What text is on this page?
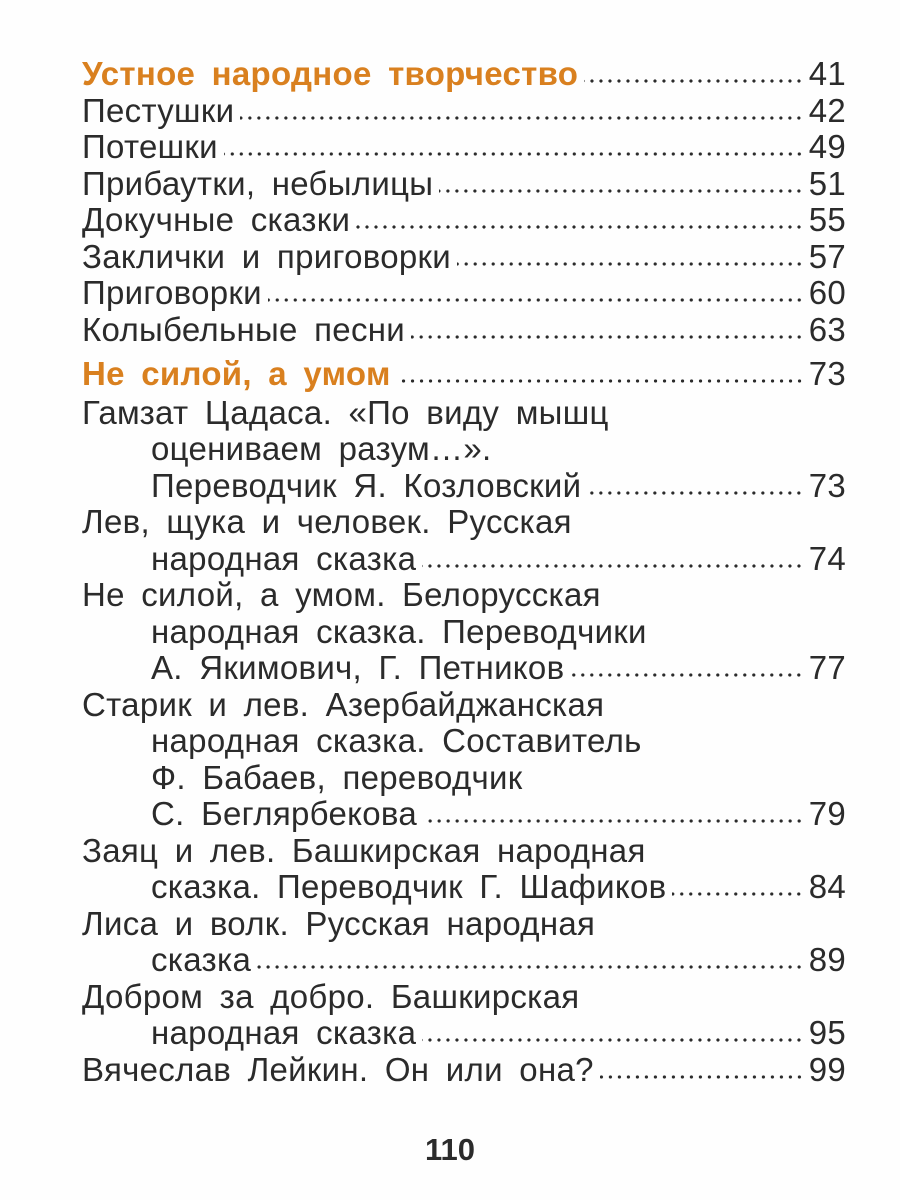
Устное народное творчество	41
Пестушки	42
Потешки	49
Прибаутки, небылицы	51
Докучные сказки	55
Заклички и приговорки	57
Приговорки	60
Колыбельные песни	63
Не силой, а умом	73
Гамзат Цадаса. «По виду мышц
оцениваем разум…».
Переводчик Я. Козловский	73
Лев, щука и человек. Русская
народная сказка	74
Не силой, а умом. Белорусская
народная сказка. Переводчики
А. Якимович, Г. Петников	77
Старик и лев. Азербайджанская
народная сказка. Составитель
Ф. Бабаев, переводчик
С. Беглярбекова	79
Заяц и лев. Башкирская народная
сказка. Переводчик Г. Шафиков	84
Лиса и волк. Русская народная
сказка	89
Добром за добро. Башкирская
народная сказка	95
Вячеслав Лейкин. Он или она?	99
110
